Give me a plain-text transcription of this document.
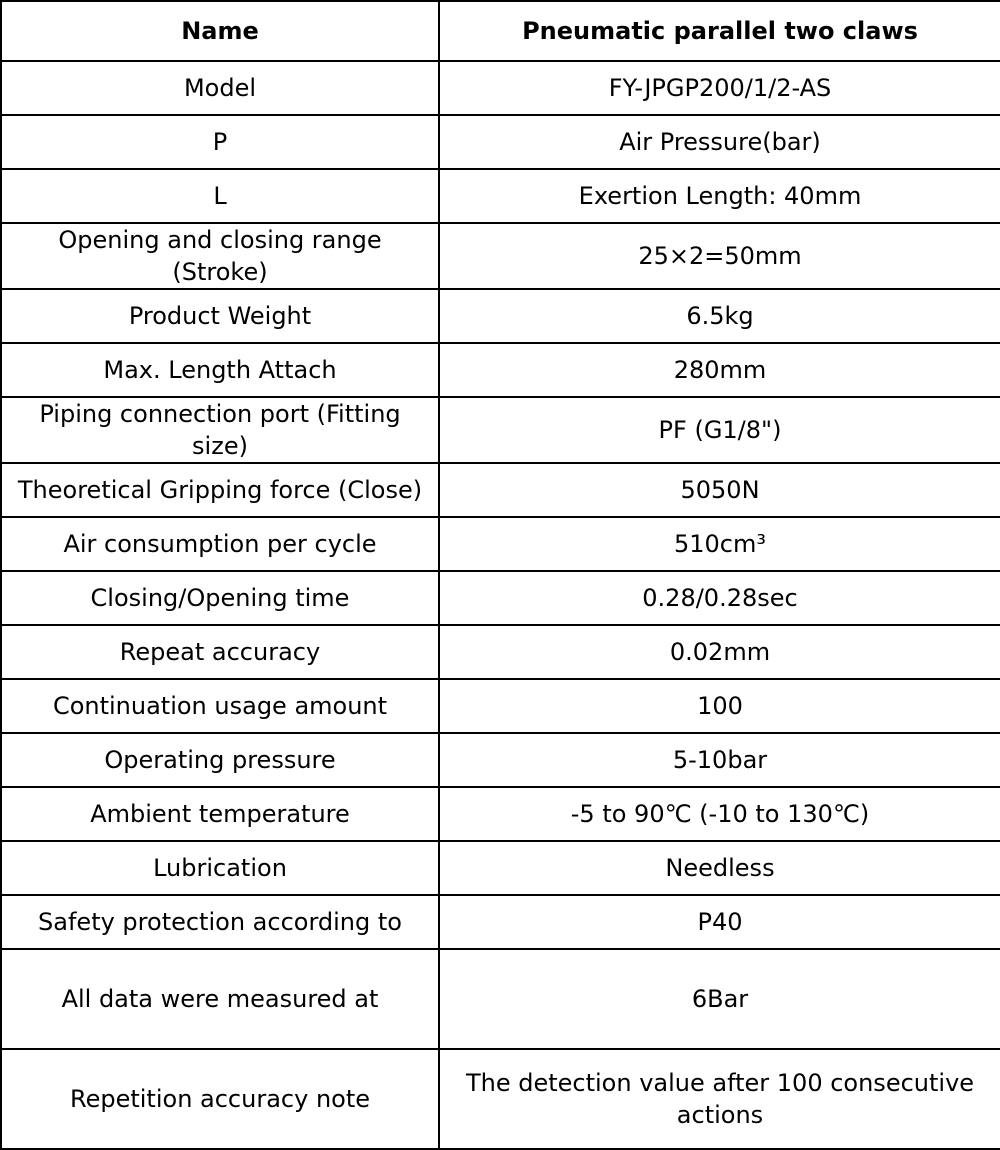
Name	Pneumatic parallel two claws
Model	FY-JPGP200/1/2-AS
P	Air Pressure(bar)
L	Exertion Length: 40mm
Opening and closing range (Stroke)	25×2=50mm
Product Weight	6.5kg
Max. Length Attach	280mm
Piping connection port (Fitting size)	PF (G1/8")
Theoretical Gripping force (Close)	5050N
Air consumption per cycle	510cm³
Closing/Opening time	0.28/0.28sec
Repeat accuracy	0.02mm
Continuation usage amount	100
Operating pressure	5-10bar
Ambient temperature	-5 to 90℃ (-10 to 130℃)
Lubrication	Needless
Safety protection according to	P40
All data were measured at	6Bar
Repetition accuracy note	The detection value after 100 consecutive actions
